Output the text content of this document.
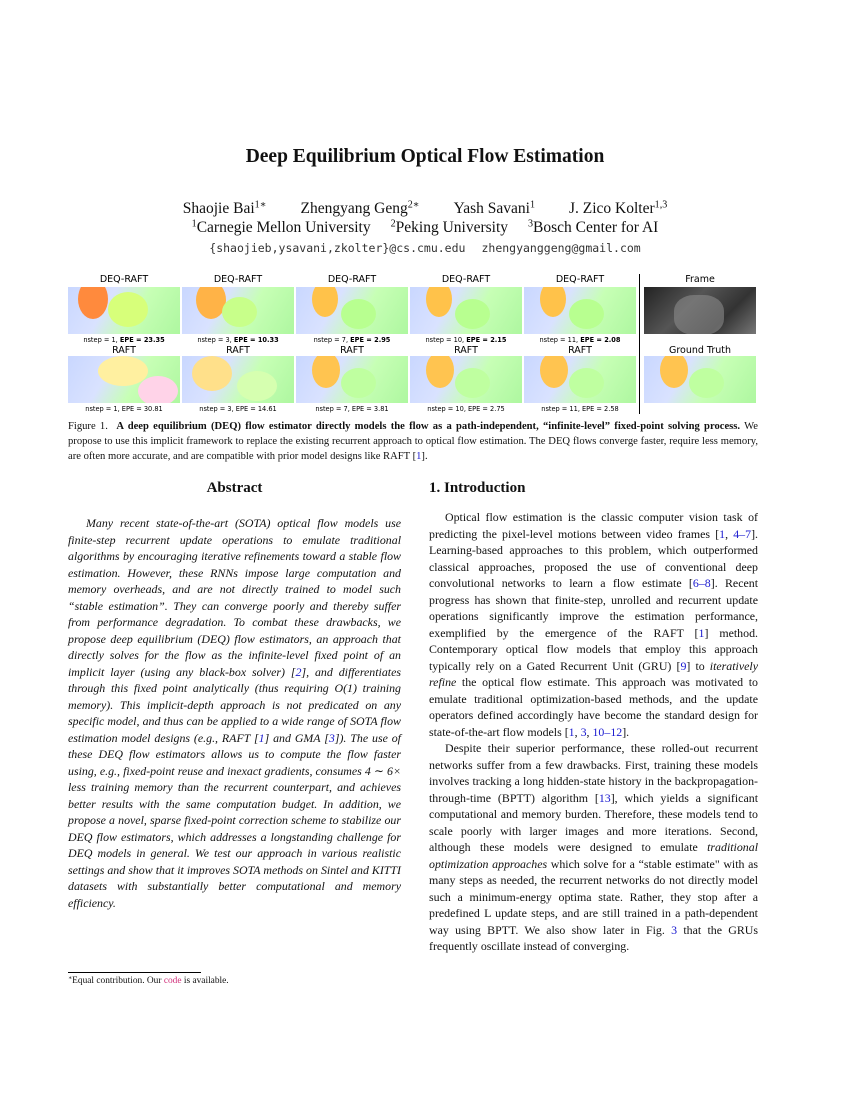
Deep Equilibrium Optical Flow Estimation
Shaojie Bai$^{1∗}$ Zhengyang Geng$^{2∗}$ Yash Savani$^1$ J. Zico Kolter$^{1,3}$
$^1$Carnegie Mellon University $^2$Peking University $^3$Bosch Center for AI
{shaojieb,ysavani,zkolter}@cs.cmu.edu zhengyanggeng@gmail.com
DEQ-RAFT
nstep = 1, EPE = 23.35
RAFT
nstep = 1, EPE = 30.81
DEQ-RAFT
nstep = 3, EPE = 10.33
RAFT
nstep = 3, EPE = 14.61
DEQ-RAFT
nstep = 7, EPE = 2.95
RAFT
nstep = 7, EPE = 3.81
DEQ-RAFT
nstep = 10, EPE = 2.15
RAFT
nstep = 10, EPE = 2.75
DEQ-RAFT
nstep = 11, EPE = 2.08
RAFT
nstep = 11, EPE = 2.58
Frame
Ground Truth
Figure 1. A deep equilibrium (DEQ) flow estimator directly models the flow as a path-independent, “infinite-level” fixed-point solving process. We propose to use this implicit framework to replace the existing recurrent approach to optical flow estimation. The DEQ flows converge faster, require less memory, are often more accurate, and are compatible with prior model designs like RAFT [1].
Abstract
Many recent state-of-the-art (SOTA) optical flow models use finite-step recurrent update operations to emulate traditional algorithms by encouraging iterative refinements toward a stable flow estimation. However, these RNNs impose large computation and memory overheads, and are not directly trained to model such “stable estimation”. They can converge poorly and thereby suffer from performance degradation. To combat these drawbacks, we propose deep equilibrium (DEQ) flow estimators, an approach that directly solves for the flow as the infinite-level fixed point of an implicit layer (using any black-box solver) [2], and differentiates through this fixed point analytically (thus requiring O(1) training memory). This implicit-depth approach is not predicated on any specific model, and thus can be applied to a wide range of SOTA flow estimation model designs (e.g., RAFT [1] and GMA [3]). The use of these DEQ flow estimators allows us to compute the flow faster using, e.g., fixed-point reuse and inexact gradients, consumes 4 ∼ 6× less training memory than the recurrent counterpart, and achieves better results with the same computation budget. In addition, we propose a novel, sparse fixed-point correction scheme to stabilize our DEQ flow estimators, which addresses a longstanding challenge for DEQ models in general. We test our approach in various realistic settings and show that it improves SOTA methods on Sintel and KITTI datasets with substantially better computational and memory efficiency.
∗Equal contribution. Our code is available.
1. Introduction

Optical flow estimation is the classic computer vision task of predicting the pixel-level motions between video frames [1, 4–7]. Learning-based approaches to this problem, which outperformed classical approaches, proposed the use of conventional deep convolutional networks to learn a flow estimate [6–8]. Recent progress has shown that finite-step, unrolled and recurrent update operations significantly improve the estimation performance, exemplified by the emergence of the RAFT [1] method. Contemporary optical flow models that employ this approach typically rely on a Gated Recurrent Unit (GRU) [9] to iteratively refine the optical flow estimate. This approach was motivated to emulate traditional optimization-based methods, and the update operators defined accordingly have become the standard design for state-of-the-art flow models [1, 3, 10–12].

Despite their superior performance, these rolled-out recurrent networks suffer from a few drawbacks. First, training these models involves tracking a long hidden-state history in the backpropagation-through-time (BPTT) algorithm [13], which yields a significant computational and memory burden. Therefore, these models tend to scale poorly with larger images and more iterations. Second, although these models were designed to emulate traditional optimization approaches which solve for a “stable estimate" with as many steps as needed, the recurrent networks do not directly model such a minimum-energy optima state. Rather, they stop after a predefined L update steps, and are still trained in a path-dependent way using BPTT. We also show later in Fig. 3 that the GRUs frequently oscillate instead of converging.
